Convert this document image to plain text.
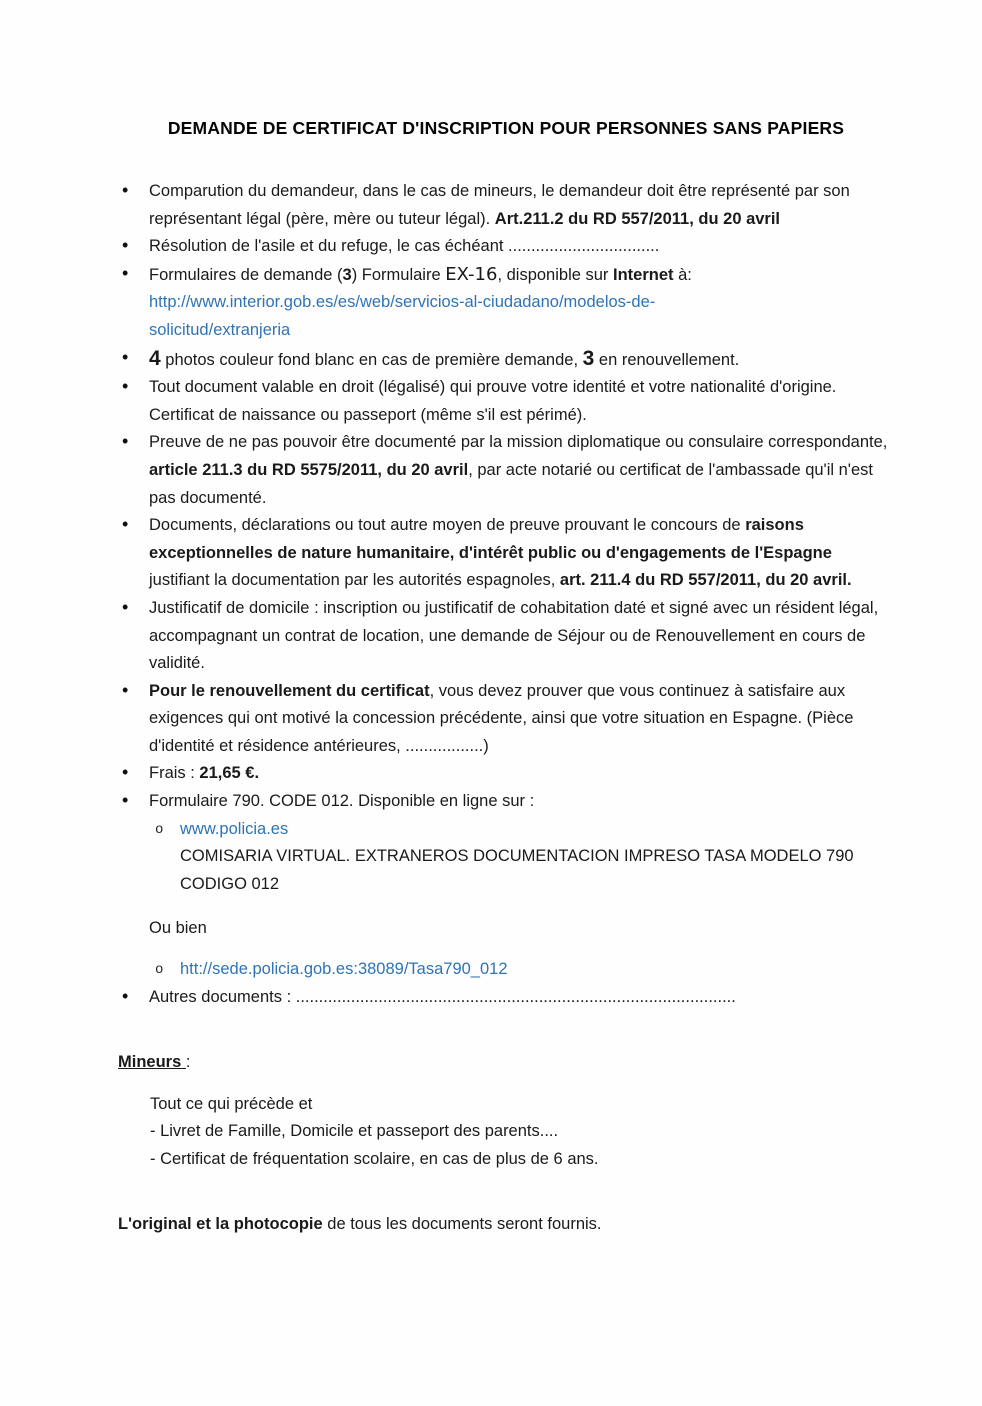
DEMANDE DE CERTIFICAT D'INSCRIPTION POUR PERSONNES SANS PAPIERS
• Comparution du demandeur, dans le cas de mineurs, le demandeur doit être représenté par son représentant légal (père, mère ou tuteur légal). Art.211.2 du RD 557/2011, du 20 avril
• Résolution de l'asile et du refuge, le cas échéant .................................
• Formulaires de demande (3) Formulaire EX-16, disponible sur Internet à:
http://www.interior.gob.es/es/web/servicios-al-ciudadano/modelos-de-solicitud/extranjeria
• 4 photos couleur fond blanc en cas de première demande, 3 en renouvellement.
• Tout document valable en droit (légalisé) qui prouve votre identité et votre nationalité d'origine. Certificat de naissance ou passeport (même s'il est périmé).
• Preuve de ne pas pouvoir être documenté par la mission diplomatique ou consulaire correspondante, article 211.3 du RD 5575/2011, du 20 avril, par acte notarié ou certificat de l'ambassade qu'il n'est pas documenté.
• Documents, déclarations ou tout autre moyen de preuve prouvant le concours de raisons exceptionnelles de nature humanitaire, d'intérêt public ou d'engagements de l'Espagne justifiant la documentation par les autorités espagnoles, art. 211.4 du RD 557/2011, du 20 avril.
• Justificatif de domicile : inscription ou justificatif de cohabitation daté et signé avec un résident légal, accompagnant un contrat de location, une demande de Séjour ou de Renouvellement en cours de validité.
• Pour le renouvellement du certificat, vous devez prouver que vous continuez à satisfaire aux exigences qui ont motivé la concession précédente, ainsi que votre situation en Espagne. (Pièce d'identité et résidence antérieures, .................)
• Frais : 21,65 €.
• Formulaire 790. CODE 012. Disponible en ligne sur :
o www.policia.es
COMISARIA VIRTUAL. EXTRANEROS DOCUMENTACION IMPRESO TASA MODELO 790 CODIGO 012
Ou bien
o htt://sede.policia.gob.es:38089/Tasa790_012
• Autres documents : ................................................................................................
Mineurs :
Tout ce qui précède et
- Livret de Famille, Domicile et passeport des parents....
- Certificat de fréquentation scolaire, en cas de plus de 6 ans.
L'original et la photocopie de tous les documents seront fournis.
